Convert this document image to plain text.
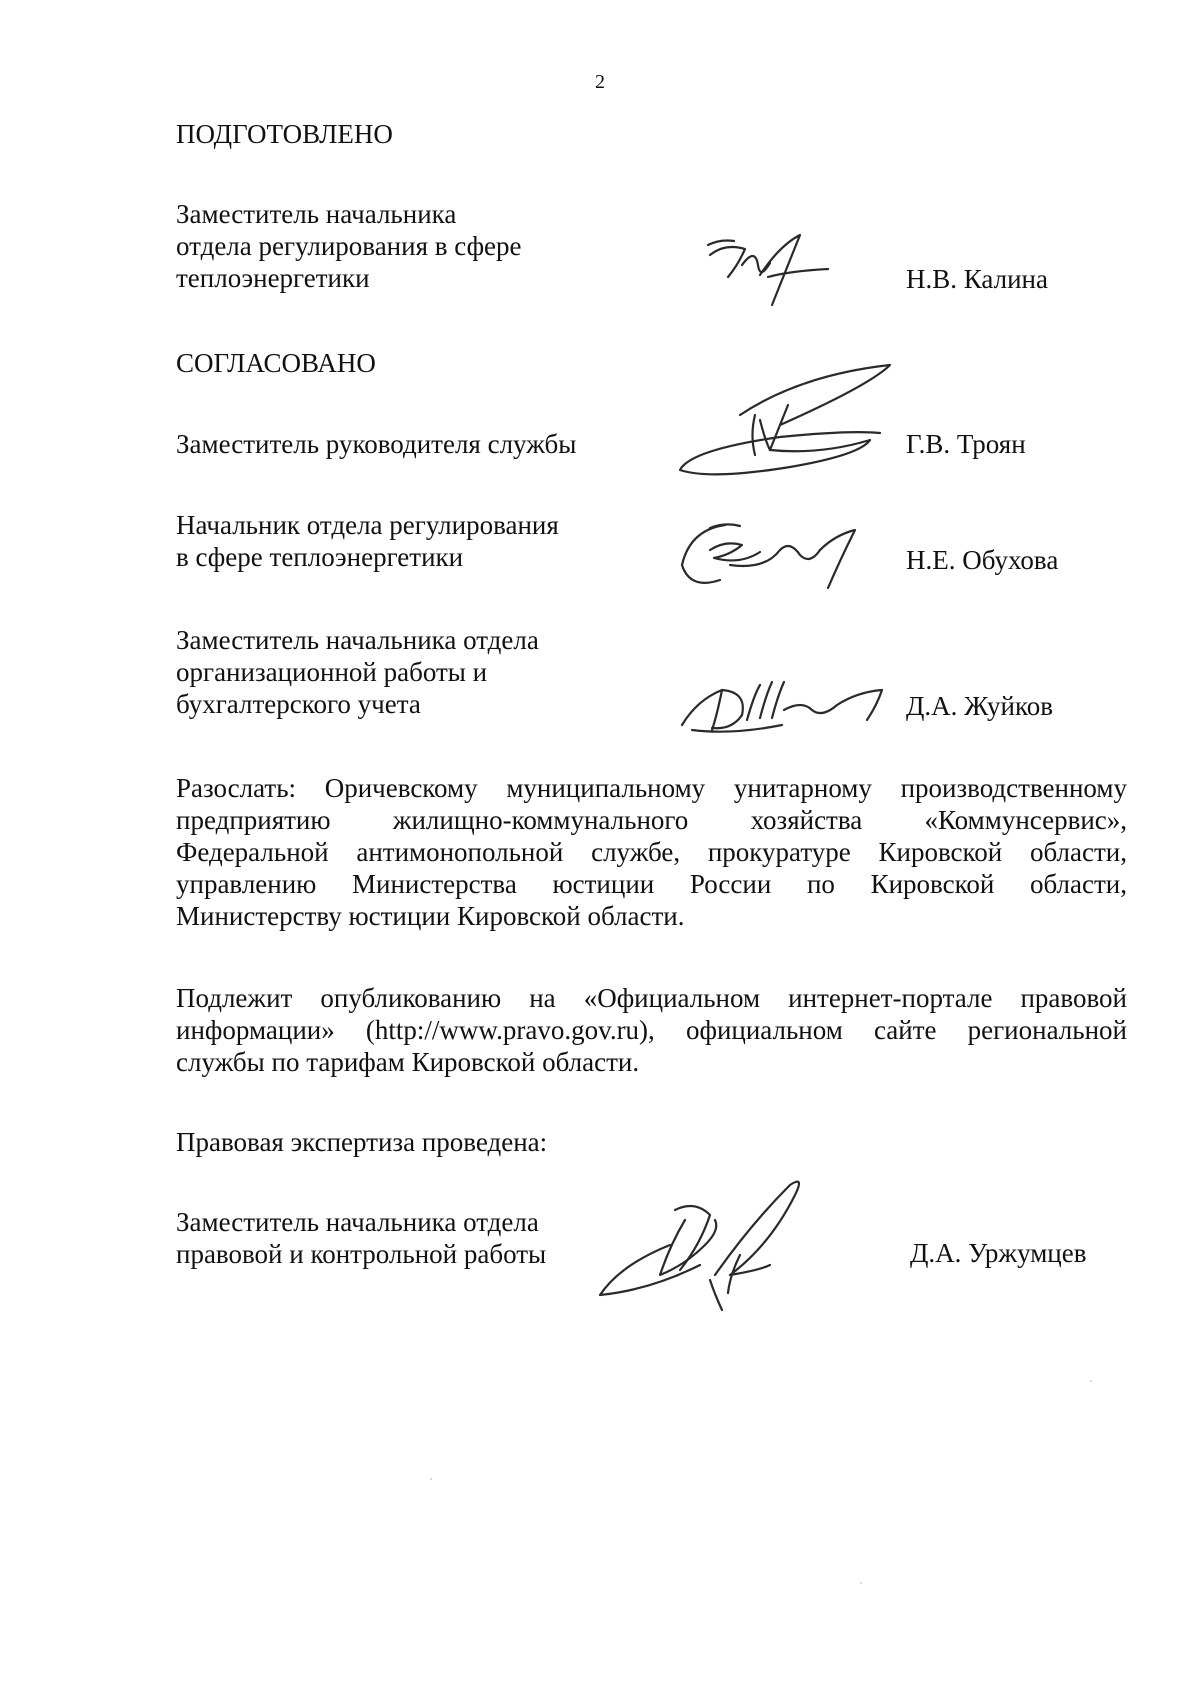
2
ПОДГОТОВЛЕНО
Заместитель начальника
отдела регулирования в сфере
теплоэнергетики	Н.В. Калина
СОГЛАСОВАНО
Заместитель руководителя службы	Г.В. Троян
Начальник отдела регулирования
в сфере теплоэнергетики	Н.Е. Обухова
Заместитель начальника отдела
организационной работы и
бухгалтерского учета	Д.А. Жуйков
Разослать: Оричевскому муниципальному унитарному производственному
предприятию жилищно-коммунального хозяйства «Коммунсервис»,
Федеральной антимонопольной службе, прокуратуре Кировской области,
управлению Министерства юстиции России по Кировской области,
Министерству юстиции Кировской области.
Подлежит опубликованию на «Официальном интернет-портале правовой
информации» (http://www.pravo.gov.ru), официальном сайте региональной
службы по тарифам Кировской области.
Правовая экспертиза проведена:
Заместитель начальника отдела
правовой и контрольной работы	Д.А. Уржумцев
